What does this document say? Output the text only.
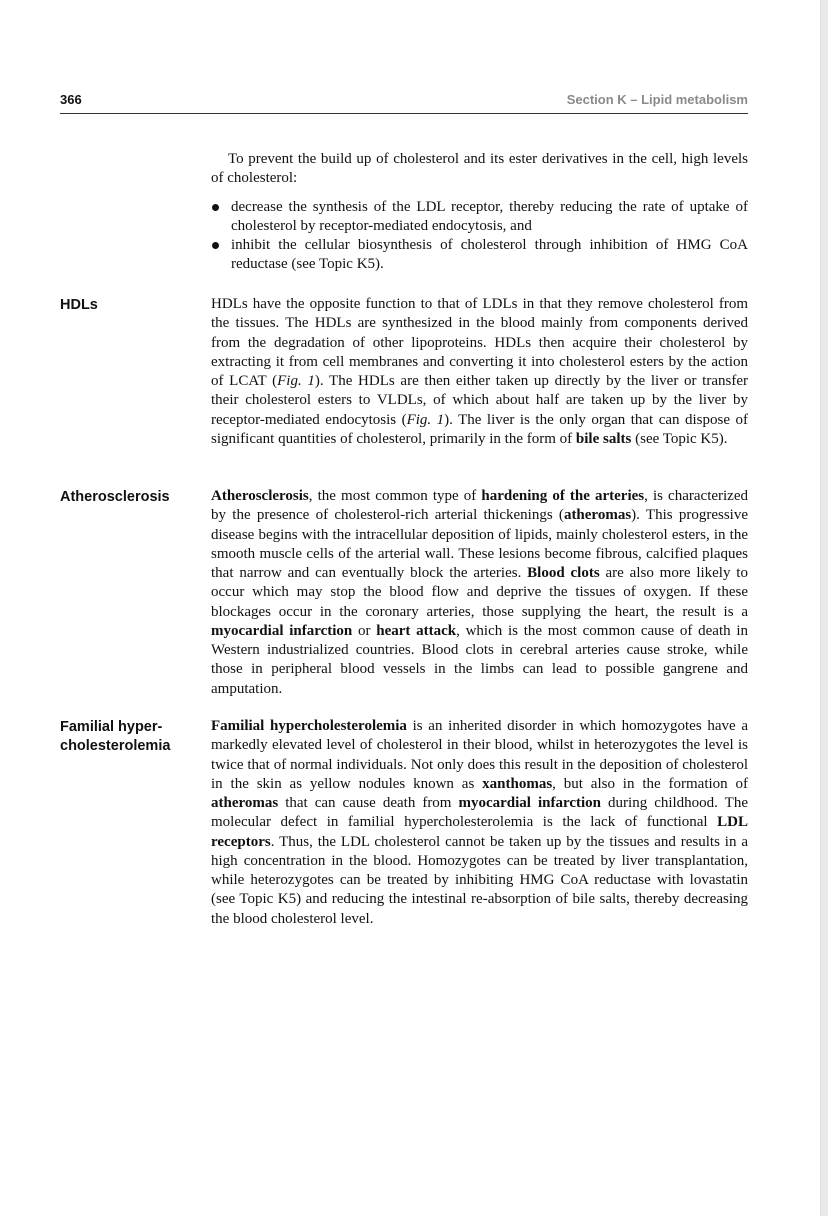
366	Section K – Lipid metabolism

To prevent the build up of cholesterol and its ester derivatives in the cell, high levels of cholesterol:

decrease the synthesis of the LDL receptor, thereby reducing the rate of uptake of cholesterol by receptor-mediated endocytosis, and
inhibit the cellular biosynthesis of cholesterol through inhibition of HMG CoA reductase (see Topic K5).
HDLs	HDLs have the opposite function to that of LDLs in that they remove cholesterol from the tissues. The HDLs are synthesized in the blood mainly from components derived from the degradation of other lipoproteins. HDLs then acquire their cholesterol by extracting it from cell membranes and converting it into cholesterol esters by the action of LCAT (Fig. 1). The HDLs are then either taken up directly by the liver or transfer their cholesterol esters to VLDLs, of which about half are taken up by the liver by receptor-mediated endocytosis (Fig. 1). The liver is the only organ that can dispose of significant quantities of cholesterol, primarily in the form of bile salts (see Topic K5).

Atherosclerosis	Atherosclerosis, the most common type of hardening of the arteries, is characterized by the presence of cholesterol-rich arterial thickenings (atheromas). This progressive disease begins with the intracellular deposition of lipids, mainly cholesterol esters, in the smooth muscle cells of the arterial wall. These lesions become fibrous, calcified plaques that narrow and can eventually block the arteries. Blood clots are also more likely to occur which may stop the blood flow and deprive the tissues of oxygen. If these blockages occur in the coronary arteries, those supplying the heart, the result is a myocardial infarction or heart attack, which is the most common cause of death in Western industrialized countries. Blood clots in cerebral arteries cause stroke, while those in peripheral blood vessels in the limbs can lead to possible gangrene and amputation.

Familial hyper-
cholesterolemia

Familial hypercholesterolemia is an inherited disorder in which homozygotes have a markedly elevated level of cholesterol in their blood, whilst in heterozygotes the level is twice that of normal individuals. Not only does this result in the deposition of cholesterol in the skin as yellow nodules known as xanthomas, but also in the formation of atheromas that can cause death from myocardial infarction during childhood. The molecular defect in familial hypercholesterolemia is the lack of functional LDL receptors. Thus, the LDL cholesterol cannot be taken up by the tissues and results in a high concentration in the blood. Homozygotes can be treated by liver transplantation, while heterozygotes can be treated by inhibiting HMG CoA reductase with lovastatin (see Topic K5) and reducing the intestinal re-absorption of bile salts, thereby decreasing the blood cholesterol level.
